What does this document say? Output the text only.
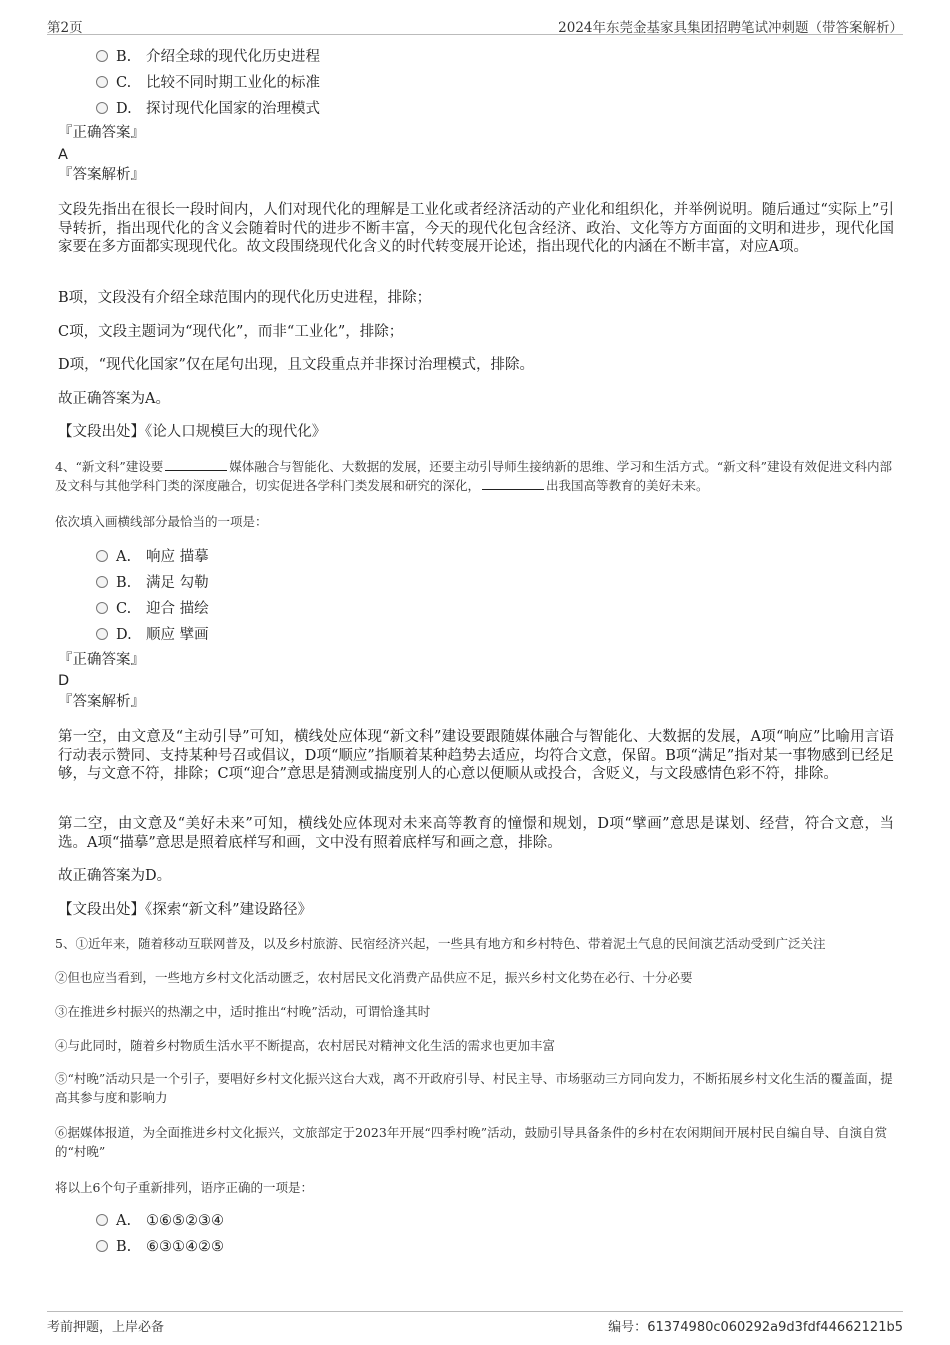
第2页	2024年东莞金基家具集团招聘笔试冲刺题（带答案解析）
B. 介绍全球的现代化历史进程
C. 比较不同时期工业化的标准
D. 探讨现代化国家的治理模式
『正确答案』
A
『答案解析』
文段先指出在很长一段时间内，人们对现代化的理解是工业化或者经济活动的产业化和组织化，并举例说明。随后通过“实际上”引导转折，指出现代化的含义会随着时代的进步不断丰富，今天的现代化包含经济、政治、文化等方方面面的文明和进步，现代化国家要在多方面都实现现代化。故文段围绕现代化含义的时代转变展开论述，指出现代化的内涵在不断丰富，对应A项。
B项，文段没有介绍全球范围内的现代化历史进程，排除；
C项，文段主题词为“现代化”，而非“工业化”，排除；
D项，“现代化国家”仅在尾句出现，且文段重点并非探讨治理模式，排除。
故正确答案为A。
【文段出处】《论人口规模巨大的现代化》
4、“新文科”建设要	媒体融合与智能化、大数据的发展，还要主动引导师生接纳新的思维、学习和生活方式。“新文科”建设有效促进文科内部及文科与其他学科门类的深度融合，切实促进各学科门类发展和研究的深化，	出我国高等教育的美好未来。
依次填入画横线部分最恰当的一项是：
A. 响应 描摹
B. 满足 勾勒
C. 迎合 描绘
D. 顺应 擘画
『正确答案』
D
『答案解析』
第一空，由文意及“主动引导”可知，横线处应体现“新文科”建设要跟随媒体融合与智能化、大数据的发展，A项“响应”比喻用言语行动表示赞同、支持某种号召或倡议，D项“顺应”指顺着某种趋势去适应，均符合文意，保留。B项“满足”指对某一事物感到已经足够，与文意不符，排除；C项“迎合”意思是猜测或揣度别人的心意以便顺从或投合，含贬义，与文段感情色彩不符，排除。
第二空，由文意及“美好未来”可知，横线处应体现对未来高等教育的憧憬和规划，D项“擘画”意思是谋划、经营，符合文意，当选。A项“描摹”意思是照着底样写和画，文中没有照着底样写和画之意，排除。
故正确答案为D。
【文段出处】《探索“新文科”建设路径》
5、①近年来，随着移动互联网普及，以及乡村旅游、民宿经济兴起，一些具有地方和乡村特色、带着泥土气息的民间演艺活动受到广泛关注
②但也应当看到，一些地方乡村文化活动匮乏，农村居民文化消费产品供应不足，振兴乡村文化势在必行、十分必要
③在推进乡村振兴的热潮之中，适时推出“村晚”活动，可谓恰逢其时
④与此同时，随着乡村物质生活水平不断提高，农村居民对精神文化生活的需求也更加丰富
⑤“村晚”活动只是一个引子，要唱好乡村文化振兴这台大戏，离不开政府引导、村民主导、市场驱动三方同向发力，不断拓展乡村文化生活的覆盖面，提高其参与度和影响力
⑥据媒体报道，为全面推进乡村文化振兴，文旅部定于2023年开展“四季村晚”活动，鼓励引导具备条件的乡村在农闲期间开展村民自编自导、自演自赏的“村晚”
将以上6个句子重新排列，语序正确的一项是：
A. ①⑥⑤②③④
B. ⑥③①④②⑤
考前押题，上岸必备	编号：61374980c060292a9d3fdf44662121b5
